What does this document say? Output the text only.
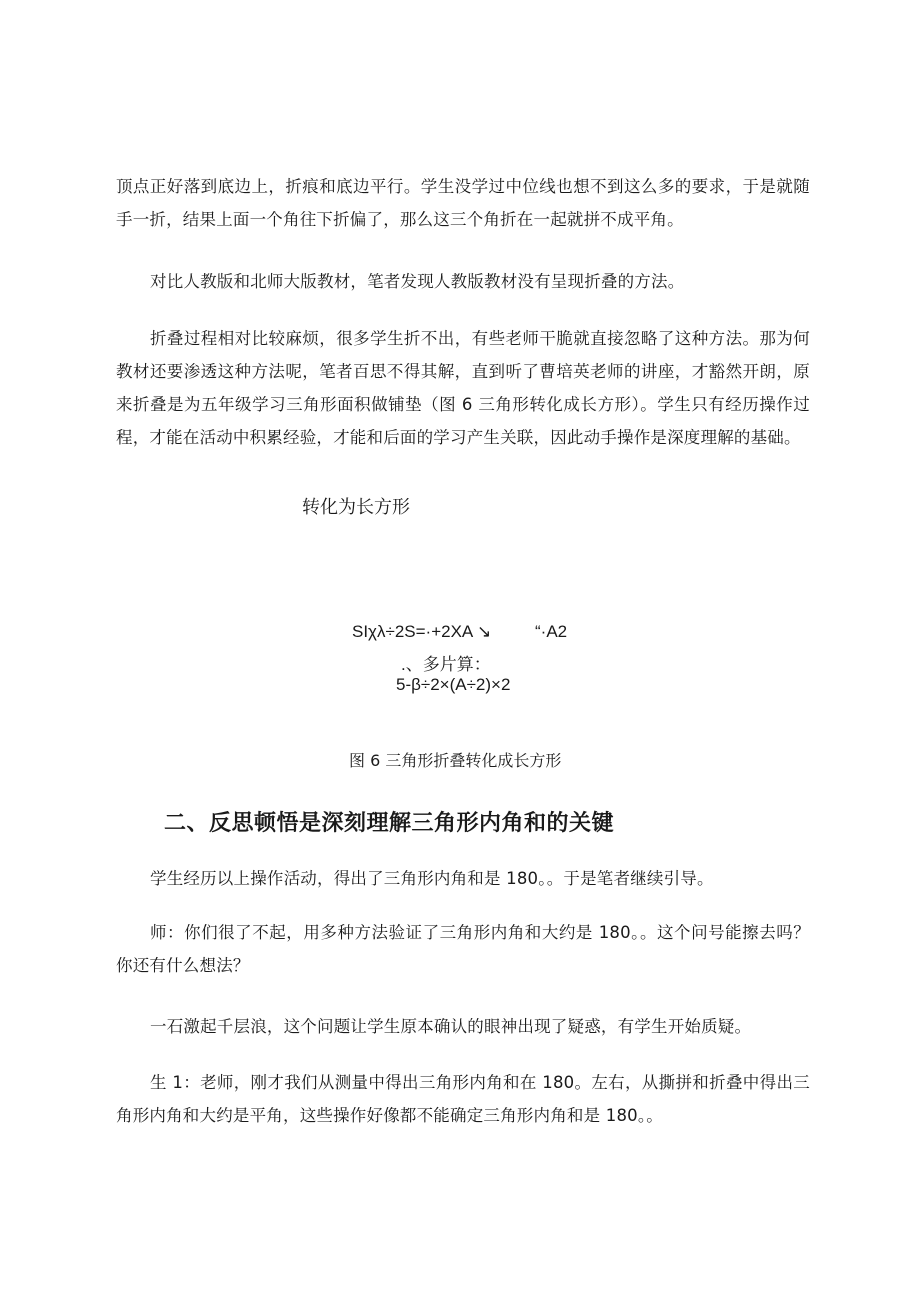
顶点正好落到底边上，折痕和底边平行。学生没学过中位线也想不到这么多的要求，于是就随手一折，结果上面一个角往下折偏了，那么这三个角折在一起就拼不成平角。

对比人教版和北师大版教材，笔者发现人教版教材没有呈现折叠的方法。

折叠过程相对比较麻烦，很多学生折不出，有些老师干脆就直接忽略了这种方法。那为何教材还要渗透这种方法呢，笔者百思不得其解，直到听了曹培英老师的讲座，才豁然开朗，原来折叠是为五年级学习三角形面积做铺垫（图 6 三角形转化成长方形）。学生只有经历操作过程，才能在活动中积累经验，才能和后面的学习产生关联，因此动手操作是深度理解的基础。

转化为长方形

SΙχλ÷2S=·+2XA ↘	“·A2

.、多片算：

5-β÷2×(A÷2)×2

图 6 三角形折叠转化成长方形

二、反思顿悟是深刻理解三角形内角和的关键

学生经历以上操作活动，得出了三角形内角和是 180。。于是笔者继续引导。

师：你们很了不起，用多种方法验证了三角形内角和大约是 180。。这个问号能擦去吗？你还有什么想法？

一石激起千层浪，这个问题让学生原本确认的眼神出现了疑惑，有学生开始质疑。

生 1：老师，刚才我们从测量中得出三角形内角和在 180。左右，从撕拼和折叠中得出三角形内角和大约是平角，这些操作好像都不能确定三角形内角和是 180。。
